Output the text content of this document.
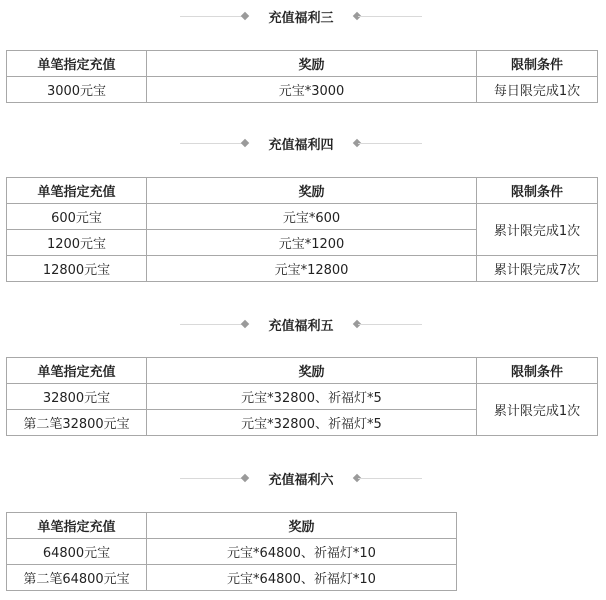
充值福利三
单笔指定充值	奖励	限制条件
3000元宝	元宝*3000	每日限完成1次
充值福利四
单笔指定充值	奖励	限制条件
600元宝	元宝*600	累计限完成1次
1200元宝	元宝*1200	
12800元宝	元宝*12800	累计限完成7次
充值福利五
单笔指定充值	奖励	限制条件
32800元宝	元宝*32800、祈福灯*5	累计限完成1次
第二笔32800元宝	元宝*32800、祈福灯*5	
充值福利六
单笔指定充值	奖励
64800元宝	元宝*64800、祈福灯*10
第二笔64800元宝	元宝*64800、祈福灯*10
